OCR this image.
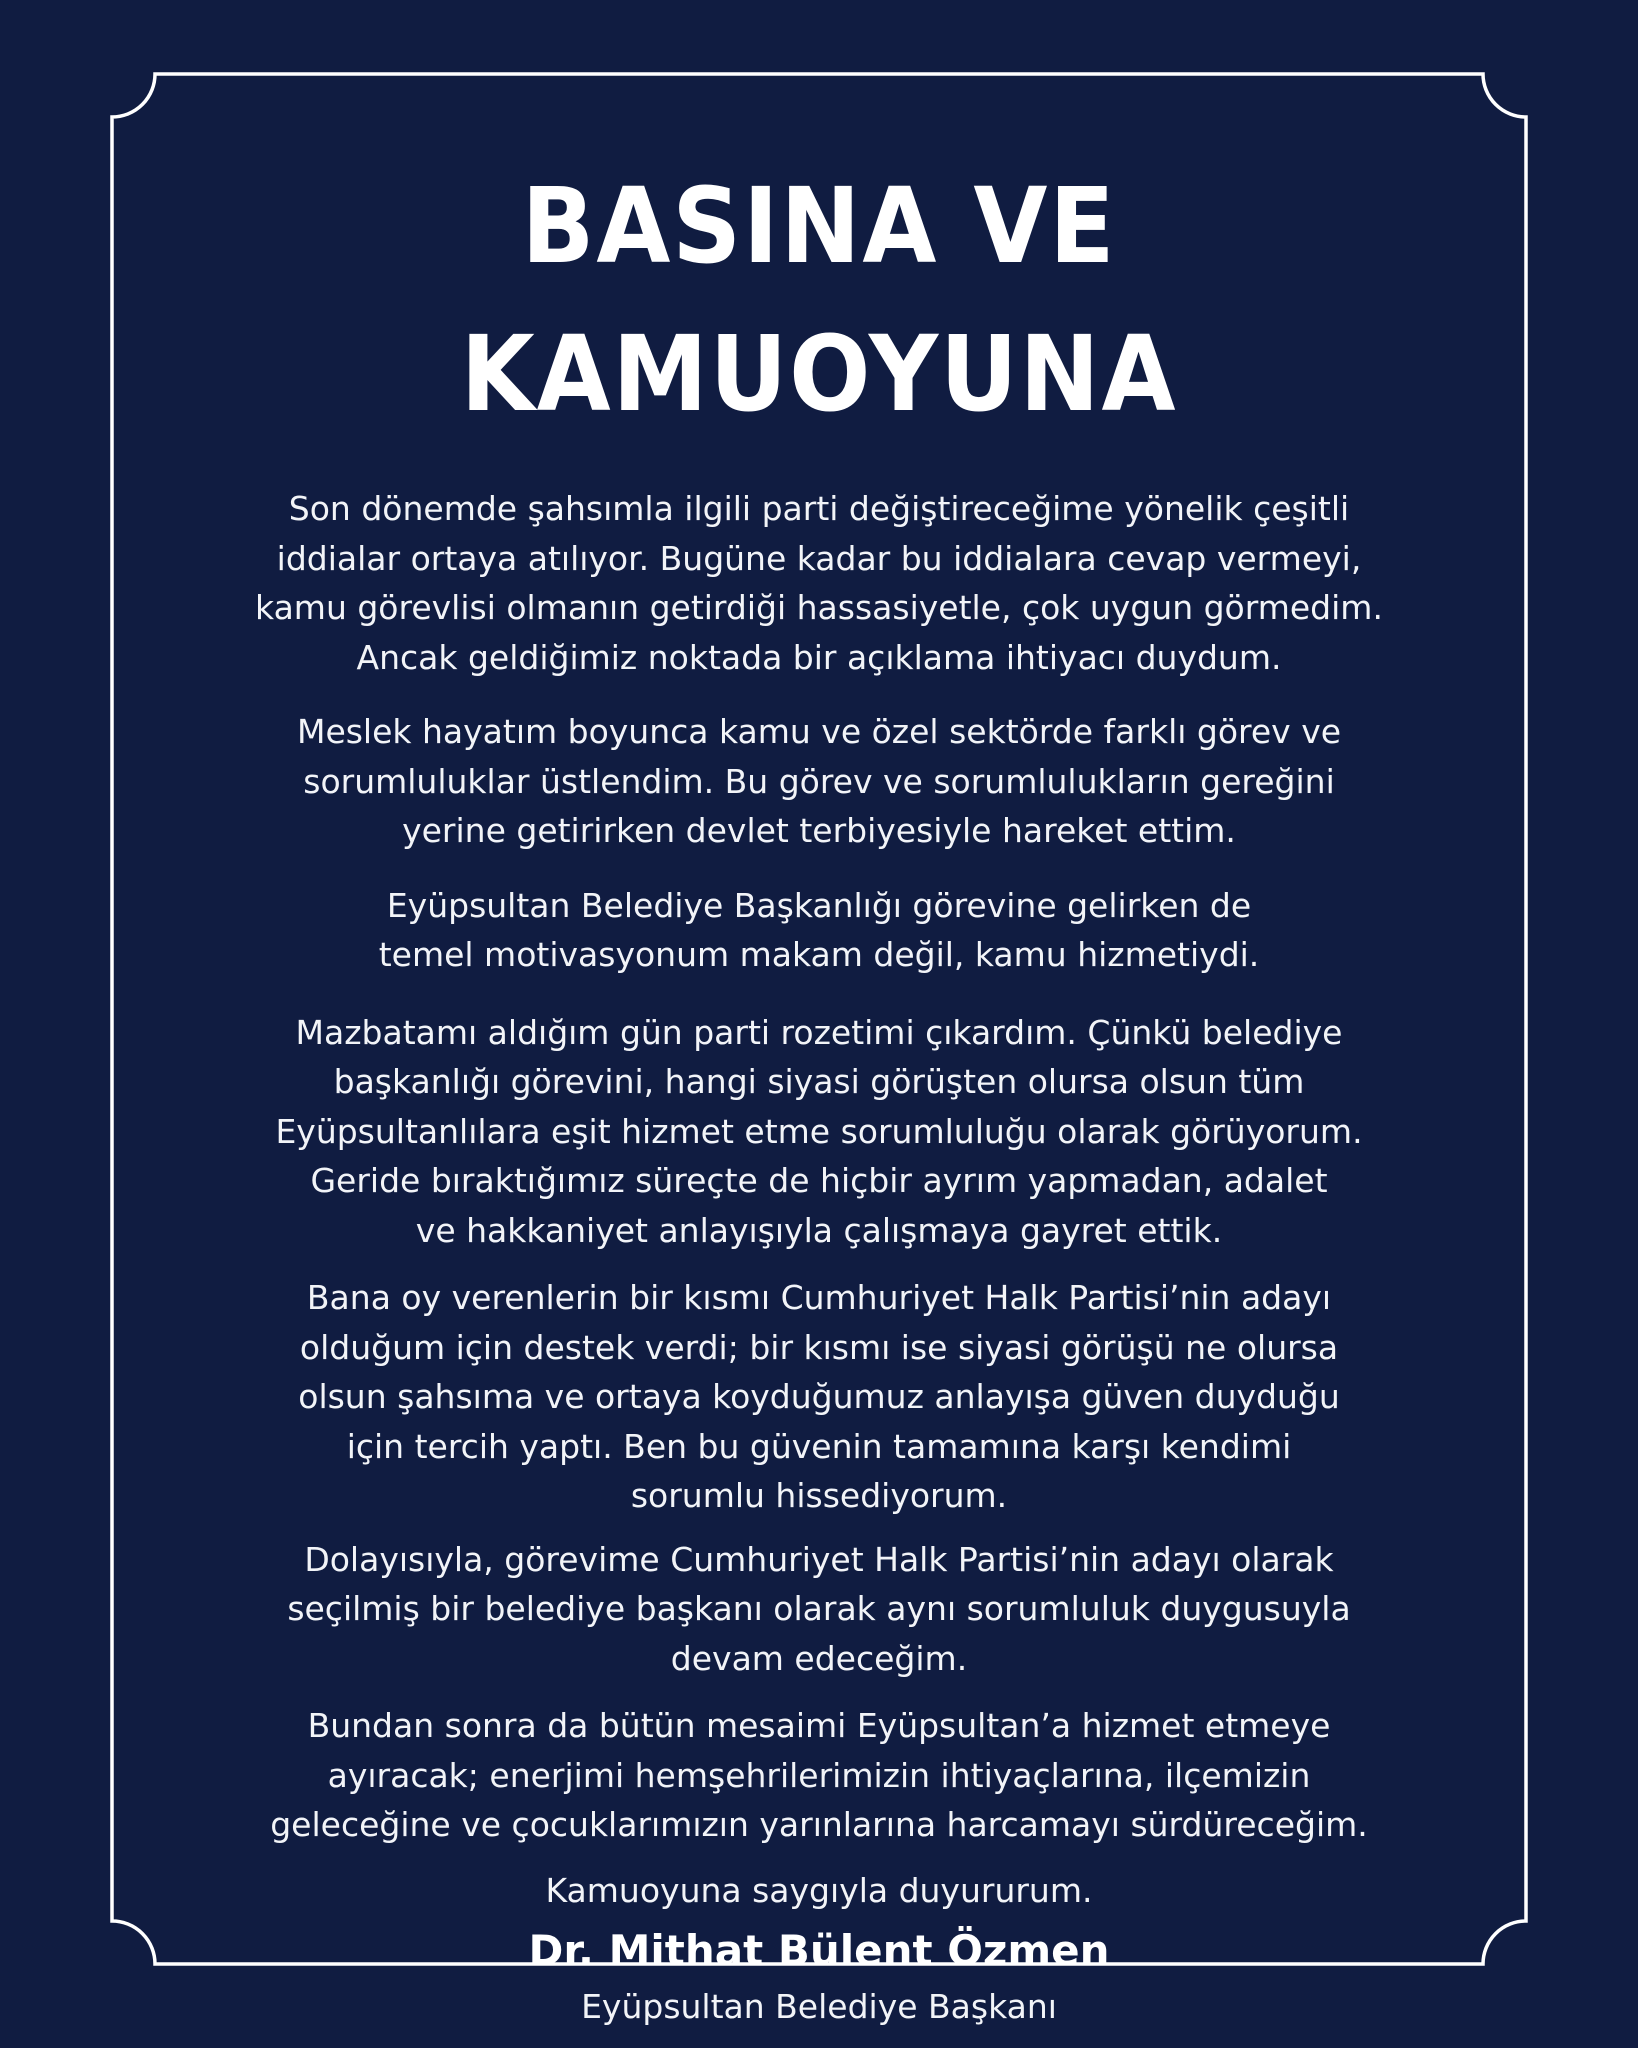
BASINA VE KAMUOYUNA

Son dönemde şahsımla ilgili parti değiştireceğime yönelik çeşitli
iddialar ortaya atılıyor. Bugüne kadar bu iddialara cevap vermeyi,
kamu görevlisi olmanın getirdiği hassasiyetle, çok uygun görmedim.
Ancak geldiğimiz noktada bir açıklama ihtiyacı duydum.

Meslek hayatım boyunca kamu ve özel sektörde farklı görev ve
sorumluluklar üstlendim. Bu görev ve sorumlulukların gereğini
yerine getirirken devlet terbiyesiyle hareket ettim.

Eyüpsultan Belediye Başkanlığı görevine gelirken de
temel motivasyonum makam değil, kamu hizmetiydi.

Mazbatamı aldığım gün parti rozetimi çıkardım. Çünkü belediye
başkanlığı görevini, hangi siyasi görüşten olursa olsun tüm
Eyüpsultanlılara eşit hizmet etme sorumluluğu olarak görüyorum.
Geride bıraktığımız süreçte de hiçbir ayrım yapmadan, adalet
ve hakkaniyet anlayışıyla çalışmaya gayret ettik.

Bana oy verenlerin bir kısmı Cumhuriyet Halk Partisi’nin adayı
olduğum için destek verdi; bir kısmı ise siyasi görüşü ne olursa
olsun şahsıma ve ortaya koyduğumuz anlayışa güven duyduğu
için tercih yaptı. Ben bu güvenin tamamına karşı kendimi
sorumlu hissediyorum.

Dolayısıyla, görevime Cumhuriyet Halk Partisi’nin adayı olarak
seçilmiş bir belediye başkanı olarak aynı sorumluluk duygusuyla
devam edeceğim.

Bundan sonra da bütün mesaimi Eyüpsultan’a hizmet etmeye
ayıracak; enerjimi hemşehrilerimizin ihtiyaçlarına, ilçemizin
geleceğine ve çocuklarımızın yarınlarına harcamayı sürdüreceğim.

Kamuoyuna saygıyla duyururum.
Dr. Mithat Bülent Özmen
Eyüpsultan Belediye Başkanı
